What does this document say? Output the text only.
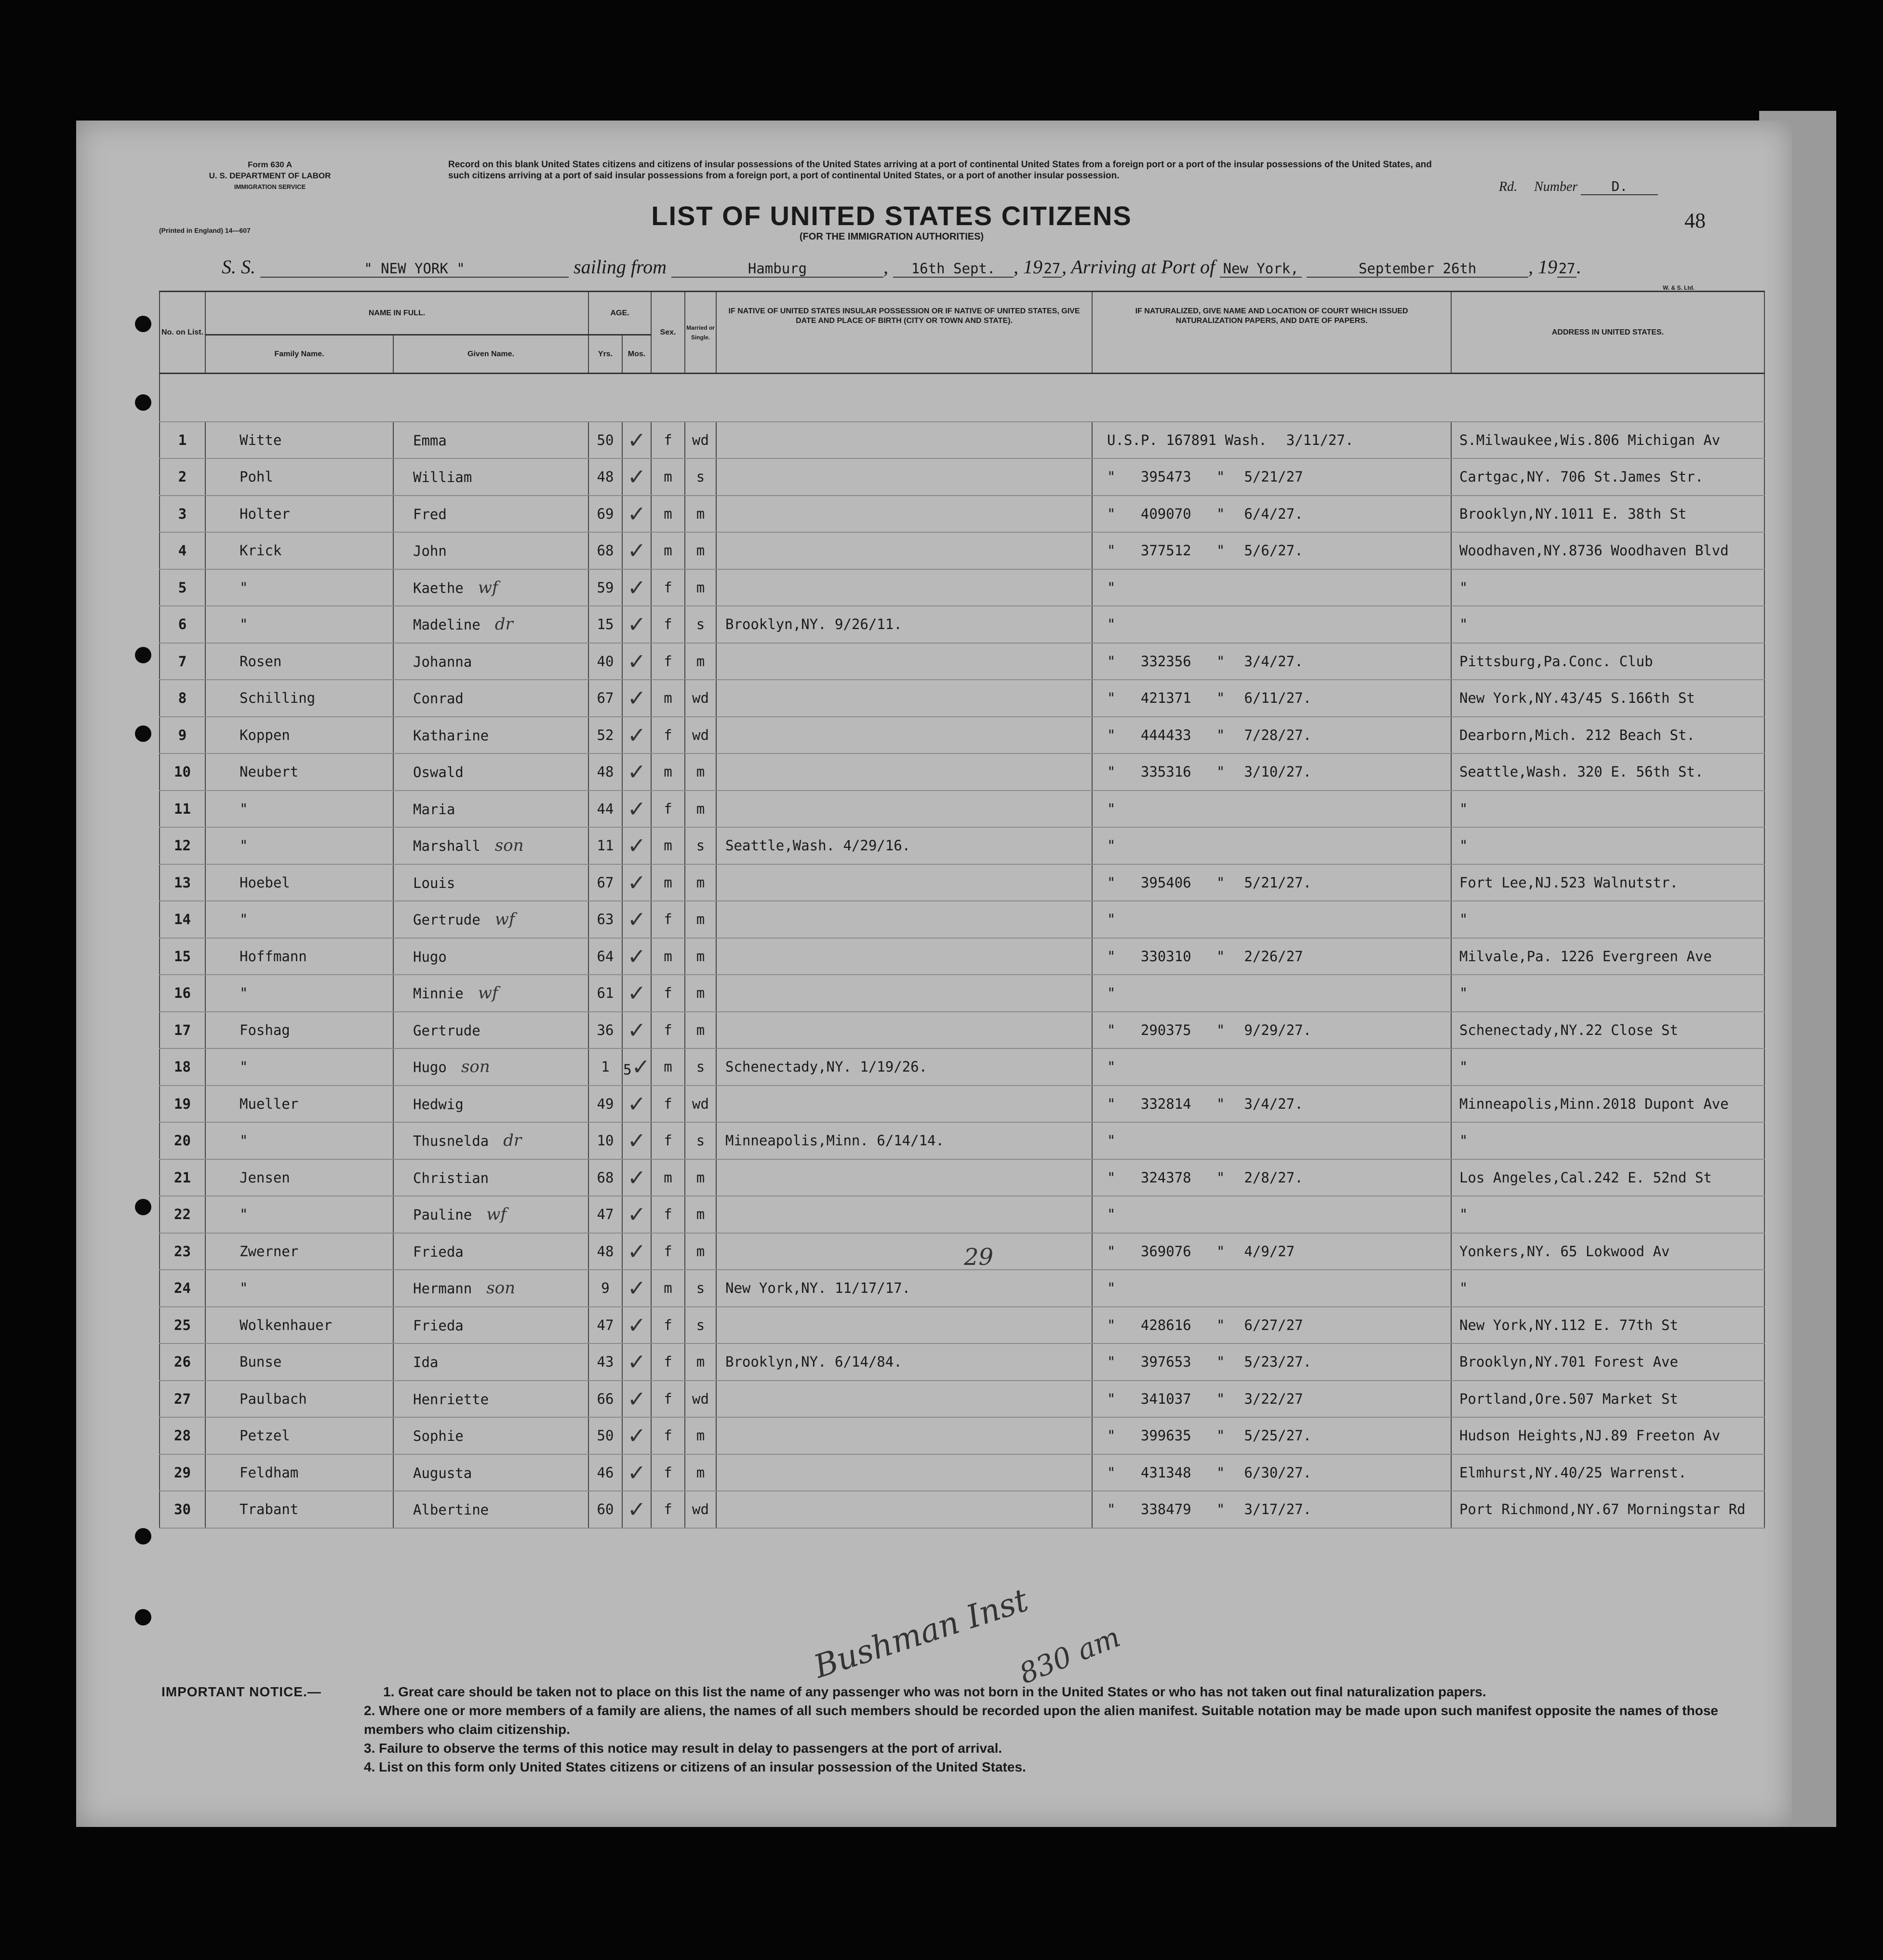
Form 630 A
U. S. DEPARTMENT OF LABOR
IMMIGRATION SERVICE
(Printed in England) 14—607
Record on this blank United States citizens and citizens of insular possessions of the United States arriving at a port of continental United States from a foreign port or a port of the insular possessions of the United States, and such citizens arriving at a port of said insular possessions from a foreign port, a port of continental United States, or a port of another insular possession.
Rd. Number	D.
LIST OF UNITED STATES CITIZENS
(FOR THE IMMIGRATION AUTHORITIES)
48
S. S.	" NEW YORK "	sailing from	Hamburg	, 16th Sept. , 1927, Arriving at Port of New York,	September 26th	, 1927.
W. & S. Ltd.
No. on List.	NAME IN FULL.		AGE.		Sex.	Married or Single.	IF NATIVE OF UNITED STATES INSULAR POSSESSION OR IF NATIVE OF UNITED STATES, GIVE DATE AND PLACE OF BIRTH (CITY OR TOWN AND STATE).	IF NATURALIZED, GIVE NAME AND LOCATION OF COURT WHICH ISSUED NATURALIZATION PAPERS, AND DATE OF PAPERS.	ADDRESS IN UNITED STATES.
	Family Name.	Given Name.	Yrs.	Mos.					

1	Witte	Emma	50	✓	f	wd		U.S.P. 167891 Wash. 3/11/27.	S.Milwaukee,Wis.806 Michigan Av
2	Pohl	William	48	✓	m	s		"   395473   " 5/21/27	Cartgac,NY. 706 St.James Str.
3	Holter	Fred	69	✓	m	m		"   409070   " 6/4/27.	Brooklyn,NY.1011 E. 38th St
4	Krick	John	68	✓	m	m		"   377512   " 5/6/27.	Woodhaven,NY.8736 Woodhaven Blvd
5	"	Kaethe wf	59	✓	f	m		"	"
6	"	Madeline dr	15	✓	f	s	Brooklyn,NY. 9/26/11.	"	"
7	Rosen	Johanna	40	✓	f	m		"   332356   " 3/4/27.	Pittsburg,Pa.Conc. Club
8	Schilling	Conrad	67	✓	m	wd		"   421371   " 6/11/27.	New York,NY.43/45 S.166th St
9	Koppen	Katharine	52	✓	f	wd		"   444433   " 7/28/27.	Dearborn,Mich. 212 Beach St.
10	Neubert	Oswald	48	✓	m	m		"   335316   " 3/10/27.	Seattle,Wash. 320 E. 56th St.
11	"	Maria	44	✓	f	m		"	"
12	"	Marshall son	11	✓	m	s	Seattle,Wash. 4/29/16.	"	"
13	Hoebel	Louis	67	✓	m	m		"   395406   " 5/21/27.	Fort Lee,NJ.523 Walnutstr.
14	"	Gertrude wf	63	✓	f	m		"	"
15	Hoffmann	Hugo	64	✓	m	m		"   330310   " 2/26/27	Milvale,Pa. 1226 Evergreen Ave
16	"	Minnie wf	61	✓	f	m		"	"
17	Foshag	Gertrude	36	✓	f	m		"   290375   " 9/29/27.	Schenectady,NY.22 Close St
18	"	Hugo son	1	5✓	m	s	Schenectady,NY. 1/19/26.	"	"
19	Mueller	Hedwig	49	✓	f	wd		"   332814   " 3/4/27.	Minneapolis,Minn.2018 Dupont Ave
20	"	Thusnelda dr	10	✓	f	s	Minneapolis,Minn. 6/14/14.	"	"
21	Jensen	Christian	68	✓	m	m		"   324378   " 2/8/27.	Los Angeles,Cal.242 E. 52nd St
22	"	Pauline wf	47	✓	f	m		"	"
23	Zwerner	Frieda	48	✓	f	m		"   369076   " 4/9/27	Yonkers,NY. 65 Lokwood Av
24	"	Hermann son	9	✓	m	s	New York,NY. 11/17/17.	"	"
25	Wolkenhauer	Frieda	47	✓	f	s		"   428616   " 6/27/27	New York,NY.112 E. 77th St
26	Bunse	Ida	43	✓	f	m	Brooklyn,NY. 6/14/84.	"   397653   " 5/23/27.	Brooklyn,NY.701 Forest Ave
27	Paulbach	Henriette	66	✓	f	wd		"   341037   " 3/22/27	Portland,Ore.507 Market St
28	Petzel	Sophie	50	✓	f	m		"   399635   " 5/25/27.	Hudson Heights,NJ.89 Freeton Av
29	Feldham	Augusta	46	✓	f	m		"   431348   " 6/30/27.	Elmhurst,NY.40/25 Warrenst.
30	Trabant	Albertine	60	✓	f	wd		"   338479   " 3/17/27.	Port Richmond,NY.67 Morningstar Rd
29
Bushman Inst
830 am
IMPORTANT NOTICE.—	1. Great care should be taken not to place on this list the name of any passenger who was not born in the United States or who has not taken out final naturalization papers.
2. Where one or more members of a family are aliens, the names of all such members should be recorded upon the alien manifest. Suitable notation may be made upon such manifest opposite the names of those members who claim citizenship.
3. Failure to observe the terms of this notice may result in delay to passengers at the port of arrival.
4. List on this form only United States citizens or citizens of an insular possession of the United States.
